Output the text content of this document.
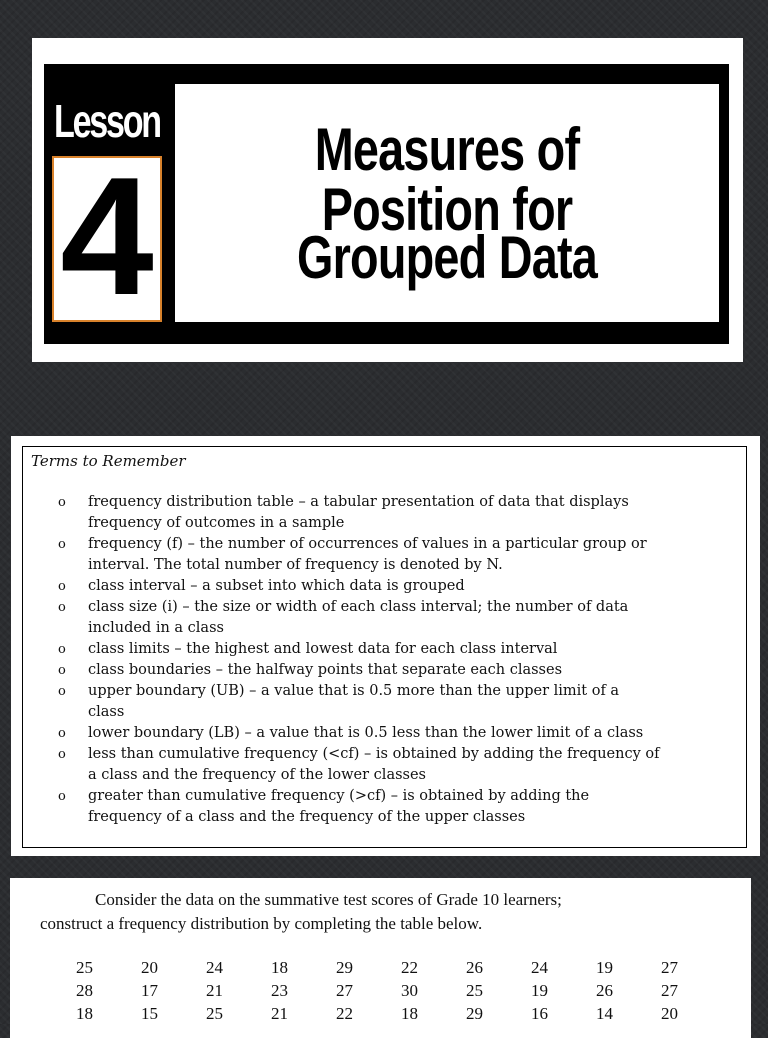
Lesson
4	Measures of Position for
Grouped Data
Terms to Remember
o frequency distribution table – a tabular presentation of data that displays
frequency of outcomes in a sample
o frequency (f) – the number of occurrences of values in a particular group or
interval. The total number of frequency is denoted by N.
o class interval – a subset into which data is grouped
o class size (i) – the size or width of each class interval; the number of data
included in a class
o class limits – the highest and lowest data for each class interval
o class boundaries – the halfway points that separate each classes
o upper boundary (UB) – a value that is 0.5 more than the upper limit of a
class
o lower boundary (LB) – a value that is 0.5 less than the lower limit of a class
o less than cumulative frequency (<cf) – is obtained by adding the frequency of
a class and the frequency of the lower classes
o greater than cumulative frequency (>cf) – is obtained by adding the
frequency of a class and the frequency of the upper classes
Consider the data on the summative test scores of Grade 10 learners;
construct a frequency distribution by completing the table below.
25	20	24	18	29	22	26	24	19	27
28	17	21	23	27	30	25	19	26	27
18	15	25	21	22	18	29	16	14	20
